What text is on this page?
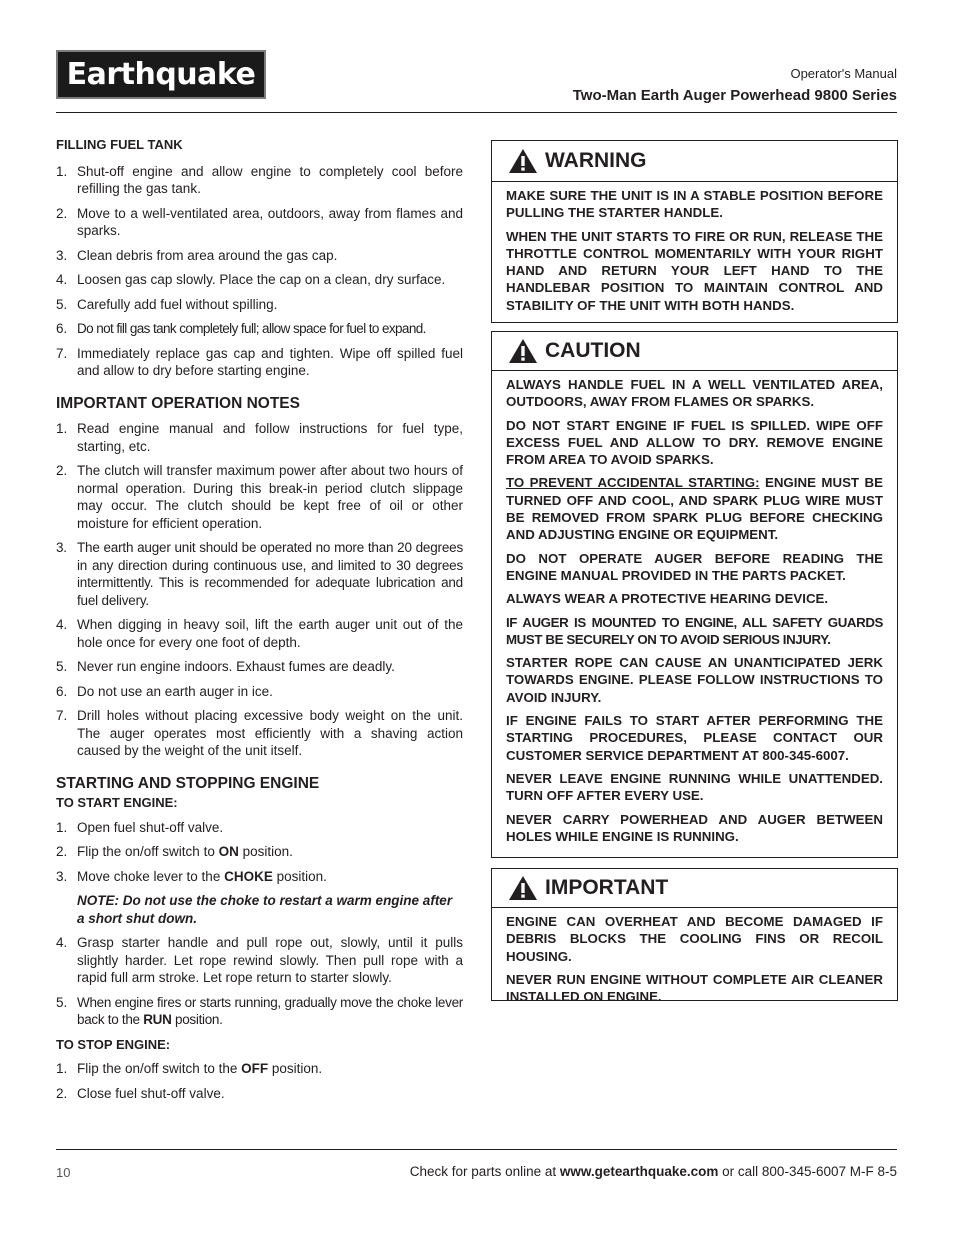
Earthquake	Operator's Manual
Two-Man Earth Auger Powerhead 9800 Series
FILLING FUEL TANK
1. Shut-off engine and allow engine to completely cool before refilling the gas tank.
2. Move to a well-ventilated area, outdoors, away from flames and sparks.
3. Clean debris from area around the gas cap.
4. Loosen gas cap slowly. Place the cap on a clean, dry surface.
5. Carefully add fuel without spilling.
6. Do not fill gas tank completely full; allow space for fuel to expand.
7. Immediately replace gas cap and tighten. Wipe off spilled fuel and allow to dry before starting engine.
IMPORTANT OPERATION NOTES
1. Read engine manual and follow instructions for fuel type, starting, etc.
2. The clutch will transfer maximum power after about two hours of normal operation. During this break-in period clutch slippage may occur. The clutch should be kept free of oil or other moisture for efficient operation.
3. The earth auger unit should be operated no more than 20 degrees in any direction during continuous use, and limited to 30 degrees intermittently. This is recommended for adequate lubrication and fuel delivery.
4. When digging in heavy soil, lift the earth auger unit out of the hole once for every one foot of depth.
5. Never run engine indoors. Exhaust fumes are deadly.
6. Do not use an earth auger in ice.
7. Drill holes without placing excessive body weight on the unit. The auger operates most efficiently with a shaving action caused by the weight of the unit itself.
STARTING AND STOPPING ENGINE
TO START ENGINE:
1. Open fuel shut-off valve.
2. Flip the on/off switch to ON position.
3. Move choke lever to the CHOKE position.
NOTE: Do not use the choke to restart a warm engine after a short shut down.
4. Grasp starter handle and pull rope out, slowly, until it pulls slightly harder. Let rope rewind slowly. Then pull rope with a rapid full arm stroke. Let rope return to starter slowly.
5. When engine fires or starts running, gradually move the choke lever back to the RUN position.
TO STOP ENGINE:
1. Flip the on/off switch to the OFF position.
2. Close fuel shut-off valve.
WARNING

MAKE SURE THE UNIT IS IN A STABLE POSITION BEFORE PULLING THE STARTER HANDLE.

WHEN THE UNIT STARTS TO FIRE OR RUN, RELEASE THE THROTTLE CONTROL MOMENTARILY WITH YOUR RIGHT HAND AND RETURN YOUR LEFT HAND TO THE HANDLEBAR POSITION TO MAINTAIN CONTROL AND STABILITY OF THE UNIT WITH BOTH HANDS.

CAUTION

ALWAYS HANDLE FUEL IN A WELL VENTILATED AREA, OUTDOORS, AWAY FROM FLAMES OR SPARKS.

DO NOT START ENGINE IF FUEL IS SPILLED. WIPE OFF EXCESS FUEL AND ALLOW TO DRY. REMOVE ENGINE FROM AREA TO AVOID SPARKS.

TO PREVENT ACCIDENTAL STARTING: ENGINE MUST BE TURNED OFF AND COOL, AND SPARK PLUG WIRE MUST BE REMOVED FROM SPARK PLUG BEFORE CHECKING AND ADJUSTING ENGINE OR EQUIPMENT.

DO NOT OPERATE AUGER BEFORE READING THE ENGINE MANUAL PROVIDED IN THE PARTS PACKET.

ALWAYS WEAR A PROTECTIVE HEARING DEVICE.

IF AUGER IS MOUNTED TO ENGINE, ALL SAFETY GUARDS MUST BE SECURELY ON TO AVOID SERIOUS INJURY.

STARTER ROPE CAN CAUSE AN UNANTICIPATED JERK TOWARDS ENGINE. PLEASE FOLLOW INSTRUCTIONS TO AVOID INJURY.

IF ENGINE FAILS TO START AFTER PERFORMING THE STARTING PROCEDURES, PLEASE CONTACT OUR CUSTOMER SERVICE DEPARTMENT AT 800-345-6007.

NEVER LEAVE ENGINE RUNNING WHILE UNATTENDED. TURN OFF AFTER EVERY USE.

NEVER CARRY POWERHEAD AND AUGER BETWEEN HOLES WHILE ENGINE IS RUNNING.

IMPORTANT

ENGINE CAN OVERHEAT AND BECOME DAMAGED IF DEBRIS BLOCKS THE COOLING FINS OR RECOIL HOUSING.

NEVER RUN ENGINE WITHOUT COMPLETE AIR CLEANER INSTALLED ON ENGINE.

10	Check for parts online at www.getearthquake.com or call 800-345-6007 M-F 8-5
